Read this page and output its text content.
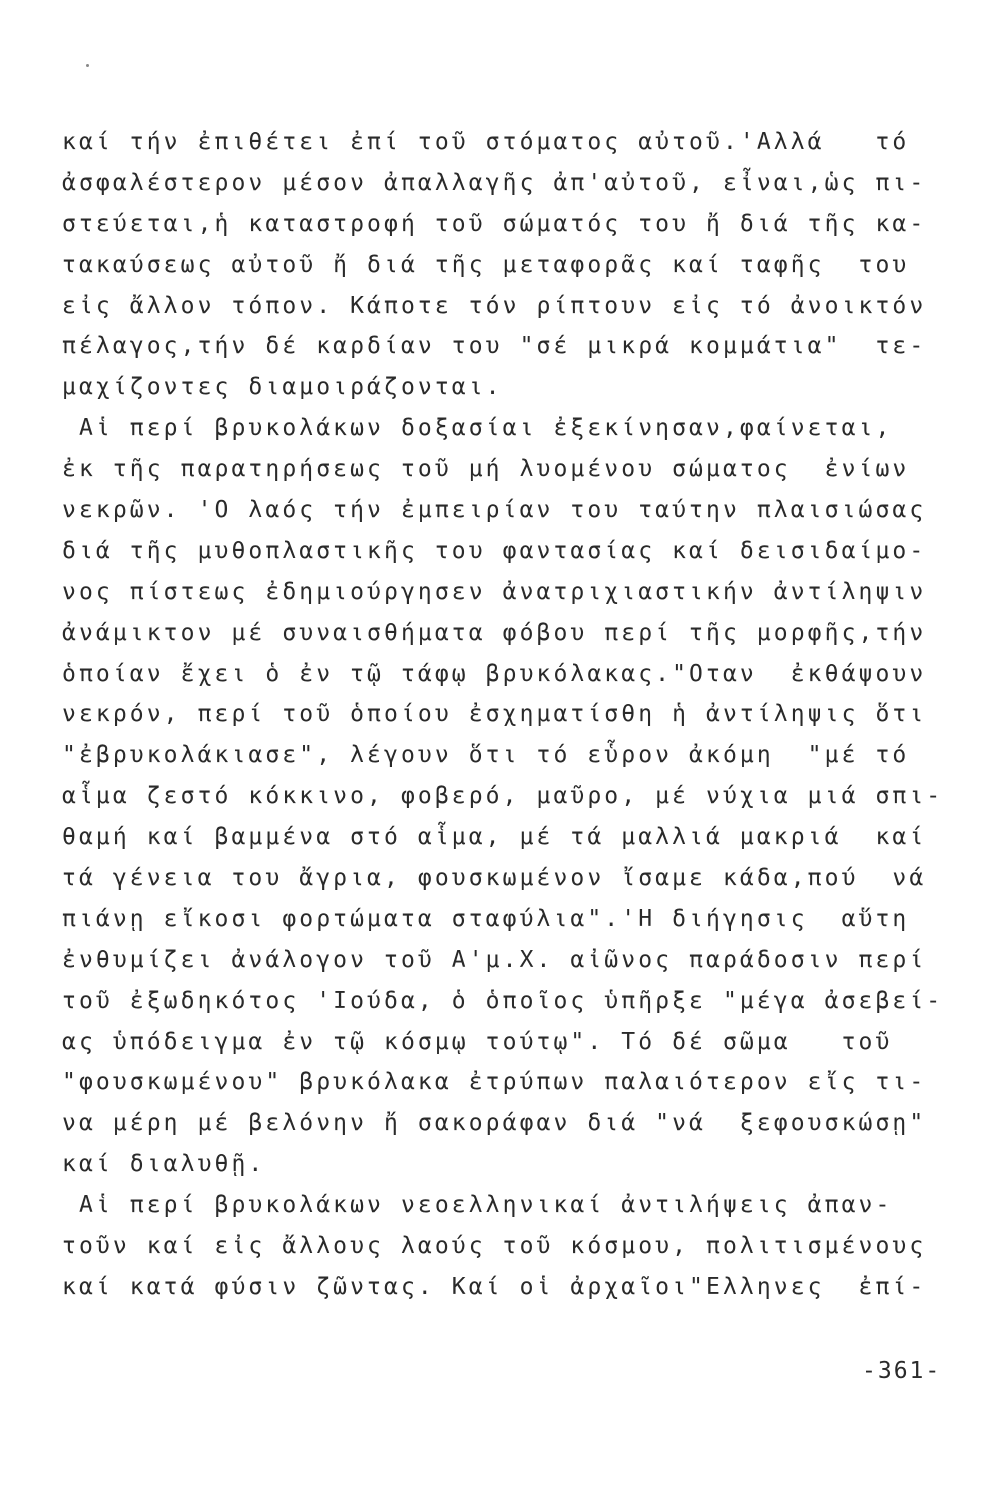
καί τήν ἐπιθέτει ἐπί τοῦ στόματος αὐτοῦ.'Αλλά   τό
ἀσφαλέστερον μέσον ἀπαλλαγῆς ἀπ'αὐτοῦ, εἶναι,ὡς πι-
στεύεται,ἡ καταστροφή τοῦ σώματός του ἤ διά τῆς κα-
τακαύσεως αὐτοῦ ἤ διά τῆς μεταφορᾶς καί ταφῆς  του
εἰς ἄλλον τόπον. Κάποτε τόν ρίπτουν εἰς τό ἀνοικτόν
πέλαγος,τήν δέ καρδίαν του "σέ μικρά κομμάτια"  τε-
μαχίζοντες διαμοιράζονται.
Αἱ περί βρυκολάκων δοξασίαι ἐξεκίνησαν,φαίνεται,
ἐκ τῆς παρατηρήσεως τοῦ μή λυομένου σώματος  ἐνίων
νεκρῶν. 'Ο λαός τήν ἐμπειρίαν του ταύτην πλαισιώσας
διά τῆς μυθοπλαστικῆς του φαντασίας καί δεισιδαίμο-
νος πίστεως ἐδημιούργησεν ἀνατριχιαστικήν ἀντίληψιν
ἀνάμικτον μέ συναισθήματα φόβου περί τῆς μορφῆς,τήν
ὁποίαν ἔχει ὁ ἐν τῷ τάφῳ βρυκόλακας."Οταν  ἐκθάψουν
νεκρόν, περί τοῦ ὁποίου ἐσχηματίσθη ἡ ἀντίληψις ὅτι
"ἐβρυκολάκιασε", λέγουν ὅτι τό εὗρον ἀκόμη  "μέ τό
αἷμα ζεστό κόκκινο, φοβερό, μαῦρο, μέ νύχια μιά σπι-
θαμή καί βαμμένα στό αἷμα, μέ τά μαλλιά μακριά  καί
τά γένεια του ἄγρια, φουσκωμένον ἴσαμε κάδα,πού  νά
πιάνῃ εἴκοσι φορτώματα σταφύλια".'Η διήγησις  αὕτη
ἐνθυμίζει ἀνάλογον τοῦ Α'μ.Χ. αἰῶνος παράδοσιν περί
τοῦ ἐξωδηκότος 'Ιούδα, ὁ ὁποῖος ὑπῆρξε "μέγα ἀσεβεί-
ας ὑπόδειγμα ἐν τῷ κόσμῳ τούτῳ". Τό δέ σῶμα   τοῦ
"φουσκωμένου" βρυκόλακα ἐτρύπων παλαιότερον εἴς τι-
να μέρη μέ βελόνην ἤ σακοράφαν διά "νά  ξεφουσκώσῃ"
καί διαλυθῇ.
Αἱ περί βρυκολάκων νεοελληνικαί ἀντιλήψεις ἀπαν-
τοῦν καί εἰς ἄλλους λαούς τοῦ κόσμου, πολιτισμένους
καί κατά φύσιν ζῶντας. Καί οἱ ἀρχαῖοι"Ελληνες  ἐπί-
-361-
